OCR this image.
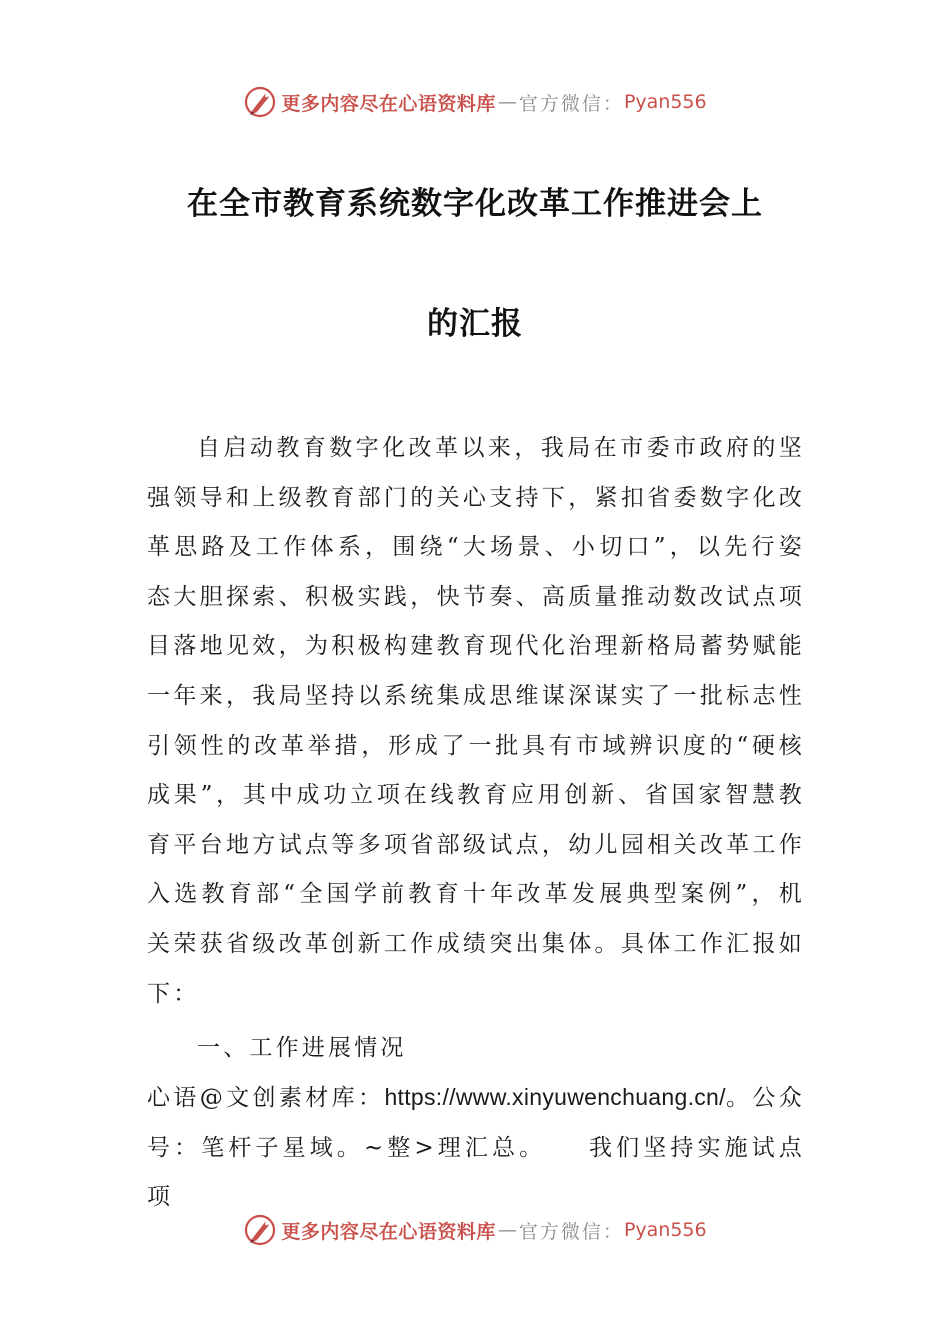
更多内容尽在心语资料库 — 官方微信： Pyan556
在全市教育系统数字化改革工作推进会上
的汇报

自启动教育数字化改革以来，我局在市委市政府的坚强领导和上级教育部门的关心支持下，紧扣省委数字化改革思路及工作体系，围绕“大场景、小切口”，以先行姿态大胆探索、积极实践，快节奏、高质量推动数改试点项目落地见效，为积极构建教育现代化治理新格局蓄势赋能一年来，我局坚持以系统集成思维谋深谋实了一批标志性引领性的改革举措，形成了一批具有市域辨识度的“硬核成果”，其中成功立项在线教育应用创新、省国家智慧教育平台地方试点等多项省部级试点，幼儿园相关改革工作入选教育部“全国学前教育十年改革发展典型案例”，机关荣获省级改革创新工作成绩突出集体。具体工作汇报如下：

一、工作进展情况

心语@文创素材库：https://www.xinyuwenchuang.cn/。公众号：笔杆子星域。~整>理汇总。　　我们坚持实施试点项

更多内容尽在心语资料库 — 官方微信： Pyan556
